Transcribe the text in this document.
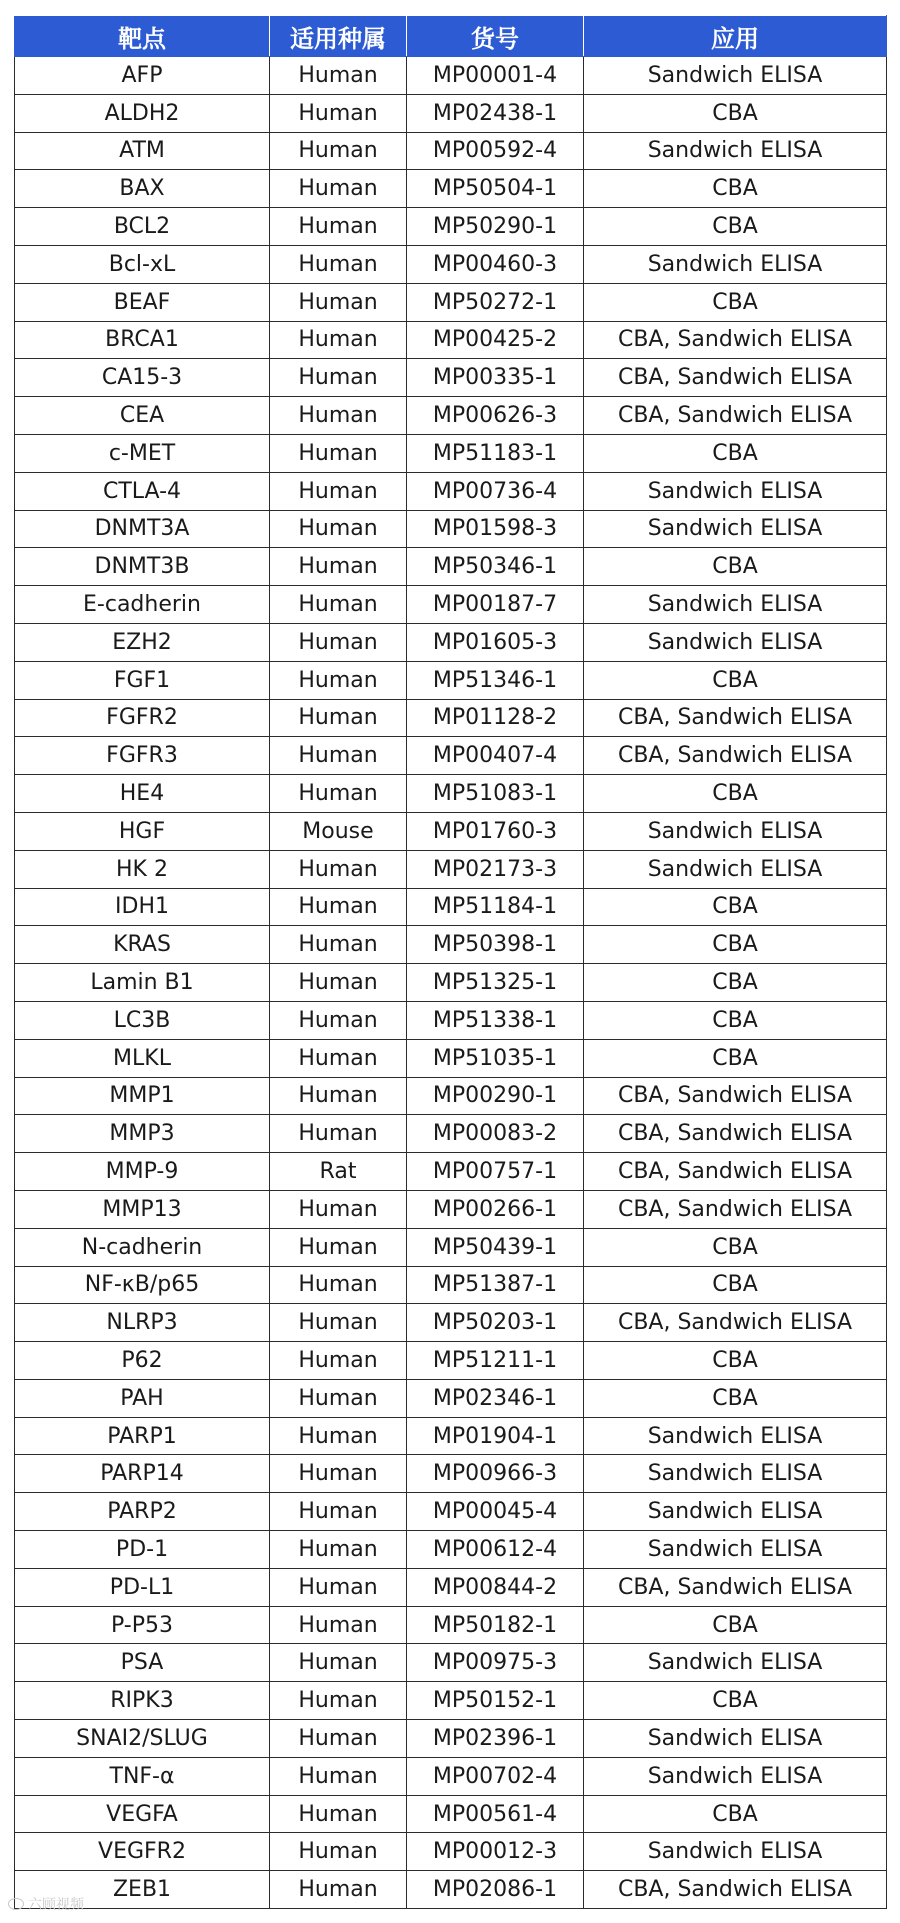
靶点	适用种属	货号	应用
AFP	Human	MP00001-4	Sandwich ELISA
ALDH2	Human	MP02438-1	CBA
ATM	Human	MP00592-4	Sandwich ELISA
BAX	Human	MP50504-1	CBA
BCL2	Human	MP50290-1	CBA
Bcl-xL	Human	MP00460-3	Sandwich ELISA
BEAF	Human	MP50272-1	CBA
BRCA1	Human	MP00425-2	CBA, Sandwich ELISA
CA15-3	Human	MP00335-1	CBA, Sandwich ELISA
CEA	Human	MP00626-3	CBA, Sandwich ELISA
c-MET	Human	MP51183-1	CBA
CTLA-4	Human	MP00736-4	Sandwich ELISA
DNMT3A	Human	MP01598-3	Sandwich ELISA
DNMT3B	Human	MP50346-1	CBA
E-cadherin	Human	MP00187-7	Sandwich ELISA
EZH2	Human	MP01605-3	Sandwich ELISA
FGF1	Human	MP51346-1	CBA
FGFR2	Human	MP01128-2	CBA, Sandwich ELISA
FGFR3	Human	MP00407-4	CBA, Sandwich ELISA
HE4	Human	MP51083-1	CBA
HGF	Mouse	MP01760-3	Sandwich ELISA
HK 2	Human	MP02173-3	Sandwich ELISA
IDH1	Human	MP51184-1	CBA
KRAS	Human	MP50398-1	CBA
Lamin B1	Human	MP51325-1	CBA
LC3B	Human	MP51338-1	CBA
MLKL	Human	MP51035-1	CBA
MMP1	Human	MP00290-1	CBA, Sandwich ELISA
MMP3	Human	MP00083-2	CBA, Sandwich ELISA
MMP-9	Rat	MP00757-1	CBA, Sandwich ELISA
MMP13	Human	MP00266-1	CBA, Sandwich ELISA
N-cadherin	Human	MP50439-1	CBA
NF-κB/p65	Human	MP51387-1	CBA
NLRP3	Human	MP50203-1	CBA, Sandwich ELISA
P62	Human	MP51211-1	CBA
PAH	Human	MP02346-1	CBA
PARP1	Human	MP01904-1	Sandwich ELISA
PARP14	Human	MP00966-3	Sandwich ELISA
PARP2	Human	MP00045-4	Sandwich ELISA
PD-1	Human	MP00612-4	Sandwich ELISA
PD-L1	Human	MP00844-2	CBA, Sandwich ELISA
P-P53	Human	MP50182-1	CBA
PSA	Human	MP00975-3	Sandwich ELISA
RIPK3	Human	MP50152-1	CBA
SNAI2/SLUG	Human	MP02396-1	Sandwich ELISA
TNF-α	Human	MP00702-4	Sandwich ELISA
VEGFA	Human	MP00561-4	CBA
VEGFR2	Human	MP00012-3	Sandwich ELISA
ZEB1	Human	MP02086-1	CBA, Sandwich ELISA
六顾视频
